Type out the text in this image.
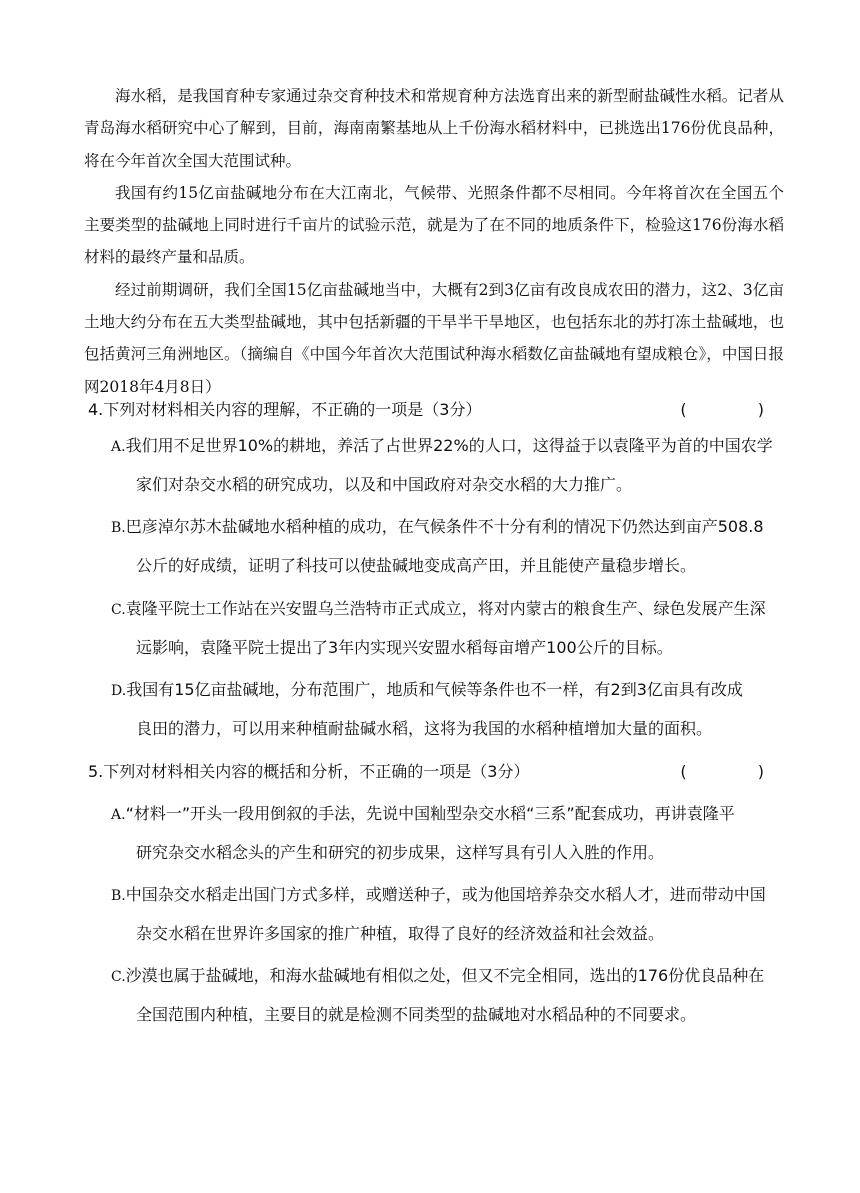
海水稻，是我国育种专家通过杂交育种技术和常规育种方法选育出来的新型耐盐碱性水稻。记者从青岛海水稻研究中心了解到，目前，海南南繁基地从上千份海水稻材料中，已挑选出176份优良品种，将在今年首次全国大范围试种。

我国有约15亿亩盐碱地分布在大江南北，气候带、光照条件都不尽相同。今年将首次在全国五个主要类型的盐碱地上同时进行千亩片的试验示范，就是为了在不同的地质条件下，检验这176份海水稻材料的最终产量和品质。

经过前期调研，我们全国15亿亩盐碱地当中，大概有2到3亿亩有改良成农田的潜力，这2、3亿亩土地大约分布在五大类型盐碱地，其中包括新疆的干旱半干旱地区，也包括东北的苏打冻土盐碱地，也包括黄河三角洲地区。（摘编自《中国今年首次大范围试种海水稻数亿亩盐碱地有望成粮仓》，中国日报网2018年4月8日）

4.下列对材料相关内容的理解，不正确的一项是（3分）	(              )
A.我们用不足世界10%的耕地，养活了占世界22%的人口，这得益于以袁隆平为首的中国农学
家们对杂交水稻的研究成功，以及和中国政府对杂交水稻的大力推广。
B.巴彦淖尔苏木盐碱地水稻种植的成功，在气候条件不十分有利的情况下仍然达到亩产508.8
公斤的好成绩，证明了科技可以使盐碱地变成高产田，并且能使产量稳步增长。
C.袁隆平院士工作站在兴安盟乌兰浩特市正式成立，将对内蒙古的粮食生产、绿色发展产生深
远影响，袁隆平院士提出了3年内实现兴安盟水稻每亩增产100公斤的目标。
D.我国有15亿亩盐碱地，分布范围广，地质和气候等条件也不一样，有2到3亿亩具有改成
良田的潜力，可以用来种植耐盐碱水稻，这将为我国的水稻种植增加大量的面积。
5.下列对材料相关内容的概括和分析，不正确的一项是（3分）	(              )
A.“材料一”开头一段用倒叙的手法，先说中国籼型杂交水稻“三系”配套成功，再讲袁隆平
研究杂交水稻念头的产生和研究的初步成果，这样写具有引人入胜的作用。
B.中国杂交水稻走出国门方式多样，或赠送种子，或为他国培养杂交水稻人才，进而带动中国
杂交水稻在世界许多国家的推广种植，取得了良好的经济效益和社会效益。
C.沙漠也属于盐碱地，和海水盐碱地有相似之处，但又不完全相同，选出的176份优良品种在
全国范围内种植，主要目的就是检测不同类型的盐碱地对水稻品种的不同要求。
